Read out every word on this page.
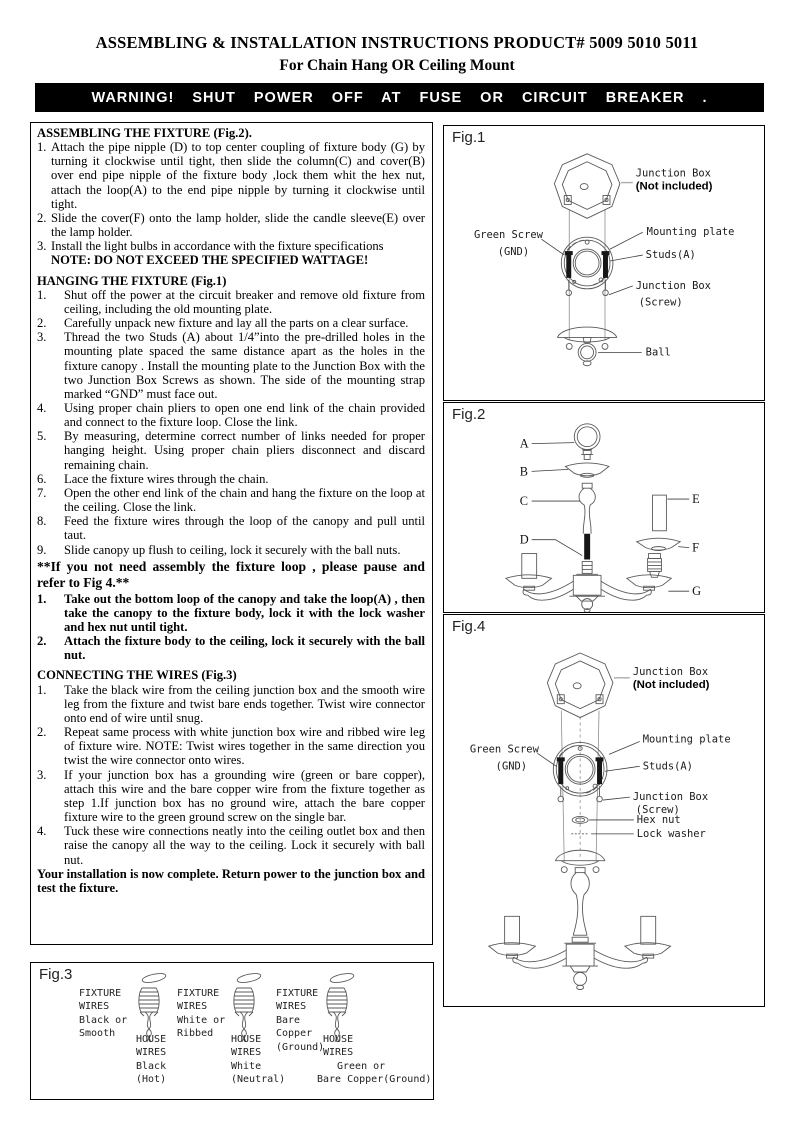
ASSEMBLING & INSTALLATION INSTRUCTIONS PRODUCT# 5009 5010 5011
For Chain Hang OR Ceiling Mount
WARNING! SHUT POWER OFF AT FUSE OR CIRCUIT BREAKER .
ASSEMBLING THE FIXTURE (Fig.2).
1. Attach the pipe nipple (D) to top center coupling of fixture body (G) by turning it clockwise until tight, then slide the column(C) and cover(B) over end pipe nipple of the fixture body ,lock them whit the hex nut, attach the loop(A) to the end pipe nipple by turning it clockwise until tight.
2. Slide the cover(F) onto the lamp holder, slide the candle sleeve(E) over the lamp holder.
3. Install the light bulbs in accordance with the fixture specifications
NOTE: DO NOT EXCEED THE SPECIFIED WATTAGE!
HANGING THE FIXTURE (Fig.1)
1.	Shut off the power at the circuit breaker and remove old fixture from ceiling, including the old mounting plate.
2.	Carefully unpack new fixture and lay all the parts on a clear surface.
3.	Thread the two Studs (A) about 1/4”into the pre-drilled holes in the mounting plate spaced the same distance apart as the holes in the fixture canopy . Install the mounting plate to the Junction Box with the two Junction Box Screws as shown. The side of the mounting strap marked “GND” must face out.
4.	Using proper chain pliers to open one end link of the chain provided and connect to the fixture loop. Close the link.
5.	By measuring, determine correct number of links needed for proper hanging height. Using proper chain pliers disconnect and discard remaining chain.
6.	Lace the fixture wires through the chain.
7.	Open the other end link of the chain and hang the fixture on the loop at the ceiling. Close the link.
8.	Feed the fixture wires through the loop of the canopy and pull until taut.
9.	Slide canopy up flush to ceiling, lock it securely with the ball nuts.
**If you not need assembly the fixture loop , please pause and refer to Fig 4.**
1.	Take out the bottom loop of the canopy and take the loop(A) , then take the canopy to the fixture body, lock it with the lock washer and hex nut until tight.
2.	Attach the fixture body to the ceiling, lock it securely with the ball nut.
CONNECTING THE WIRES (Fig.3)
1.	Take the black wire from the ceiling junction box and the smooth wire leg from the fixture and twist bare ends together. Twist wire connector onto end of wire until snug.
2.	Repeat same process with white junction box wire and ribbed wire leg of fixture wire. NOTE: Twist wires together in the same direction you twist the wire connector onto wires.
3.	If your junction box has a grounding wire (green or bare copper), attach this wire and the bare copper wire from the fixture together as step 1.If junction box has no ground wire, attach the bare copper fixture wire to the green ground screw on the single bar.
4.	Tuck these wire connections neatly into the ceiling outlet box and then raise the canopy all the way to the ceiling. Lock it securely with ball nut.
Your installation is now complete. Return power to the junction box and test the fixture.
Fig.1
Junction Box
(Not included)
Mounting plate
Green Screw
(GND)	Studs(A)
Junction Box
(Screw)
Ball
Fig.2
A
B
C
D
E
F
G
Fig.4
Junction Box
(Not included)
Mounting plate
Green Screw
(GND)	Studs(A)
Junction Box
(Screw)
Hex nut
Lock washer
Fig.3
FIXTURE
WIRES
Black or
Smooth
HOUSE
WIRES
Black
(Hot)
FIXTURE
WIRES
White or
Ribbed
HOUSE
WIRES
White
(Neutral)
FIXTURE
WIRES
Bare
Copper
(Ground)
HOUSE
WIRES
Green or
Bare Copper(Ground)
